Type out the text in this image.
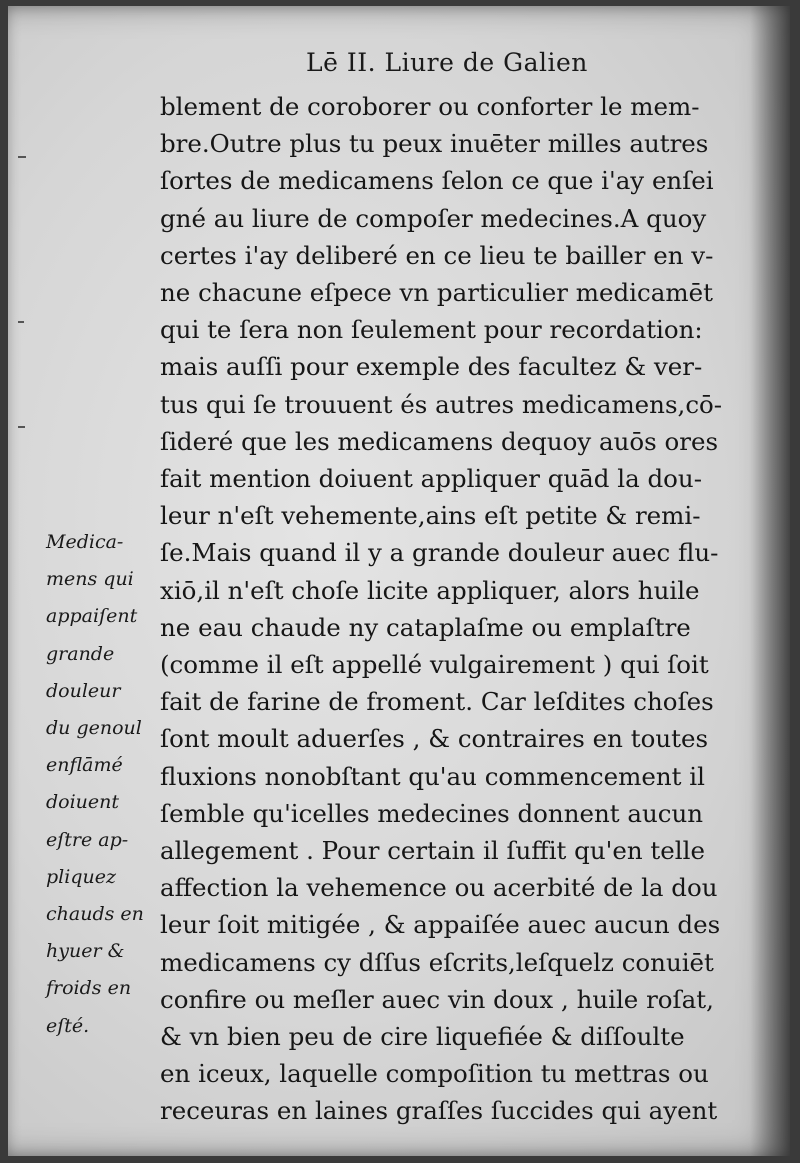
Lē II. Liure de Galien
blement de coroborer ou conforter le mem-
bre.Outre plus tu peux inuēter milles autres
ſortes de medicamens ſelon ce que i'ay enſei
gné au liure de compoſer medecines.A quoy
certes i'ay deliberé en ce lieu te bailler en v-
ne chacune eſpece vn particulier medicamēt
qui te ſera non ſeulement pour recordation:
mais auſſi pour exemple des facultez & ver-
tus qui ſe trouuent és autres medicamens,cō-
ſideré que les medicamens dequoy auōs ores
fait mention doiuent appliquer quād la dou-
leur n'eſt vehemente,ains eſt petite & remi-
ſe.Mais quand il y a grande douleur auec flu-
xiō,il n'eſt choſe licite appliquer, alors huile
ne eau chaude ny cataplaſme ou emplaſtre
(comme il eſt appellé vulgairement ) qui ſoit
fait de farine de froment. Car leſdites choſes
ſont moult aduerſes , & contraires en toutes
fluxions nonobſtant qu'au commencement il
ſemble qu'icelles medecines donnent aucun
allegement . Pour certain il ſuffit qu'en telle
affection la vehemence ou acerbité de la dou
leur ſoit mitigée , & appaiſée auec aucun des
medicamens cy dſſus eſcrits,leſquelz conuiēt
confire ou meſler auec vin doux , huile roſat,
& vn bien peu de cire liquefiée & diſſoulte
en iceux, laquelle compoſition tu mettras ou
receuras en laines graſſes ſuccides qui ayent
Medica-
mens qui
appaiſent
grande
douleur
du genoul
enflāmé
doiuent
eſtre ap-
pliquez
chauds en
hyuer &
froids en
eſté.
